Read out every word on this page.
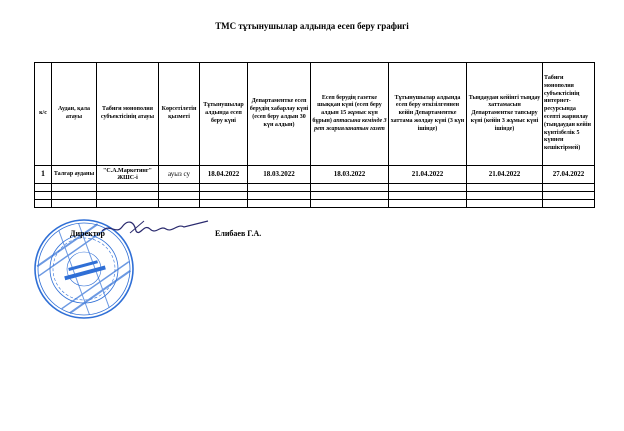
ТМС тұтынушылар алдында есеп беру графигі
к/с	Аудан, қала атауы	Табиғи монополия субъектісінің атауы	Көрсетілетін қызметі	Тұтынушылар алдында есеп беру күні	Департаментке есеп берудің хабарлау күні (есеп беру алдын 30 күн алдын)	Есеп берудің газетке шыққан күні (есеп беру алдын 15 жұмыс күн бұрын) аптасына кемінде 3 рет жарияланатын газет	Тұтынушылар алдында есеп беру өткізілгеннен кейін Департаментке хаттама жолдау күні (3 күн ішінде)	Тыңдаудан кейінгі тыңдау хаттамасын Департаментке тапсыру күні (кейін 3 жұмыс күні ішінде)	Табиғи монополия субъектісінің интернет-ресурсында есепті жариялау (тыңдаудан кейін күнтізбелік 5 күннен кешіктірмей)
1	Талғар ауданы	"С.А.Маркетинг" ЖШС-і	ауыз су	18.04.2022	18.03.2022	18.03.2022	21.04.2022	21.04.2022	27.04.2022

Директор	Елибаев Г.А.
